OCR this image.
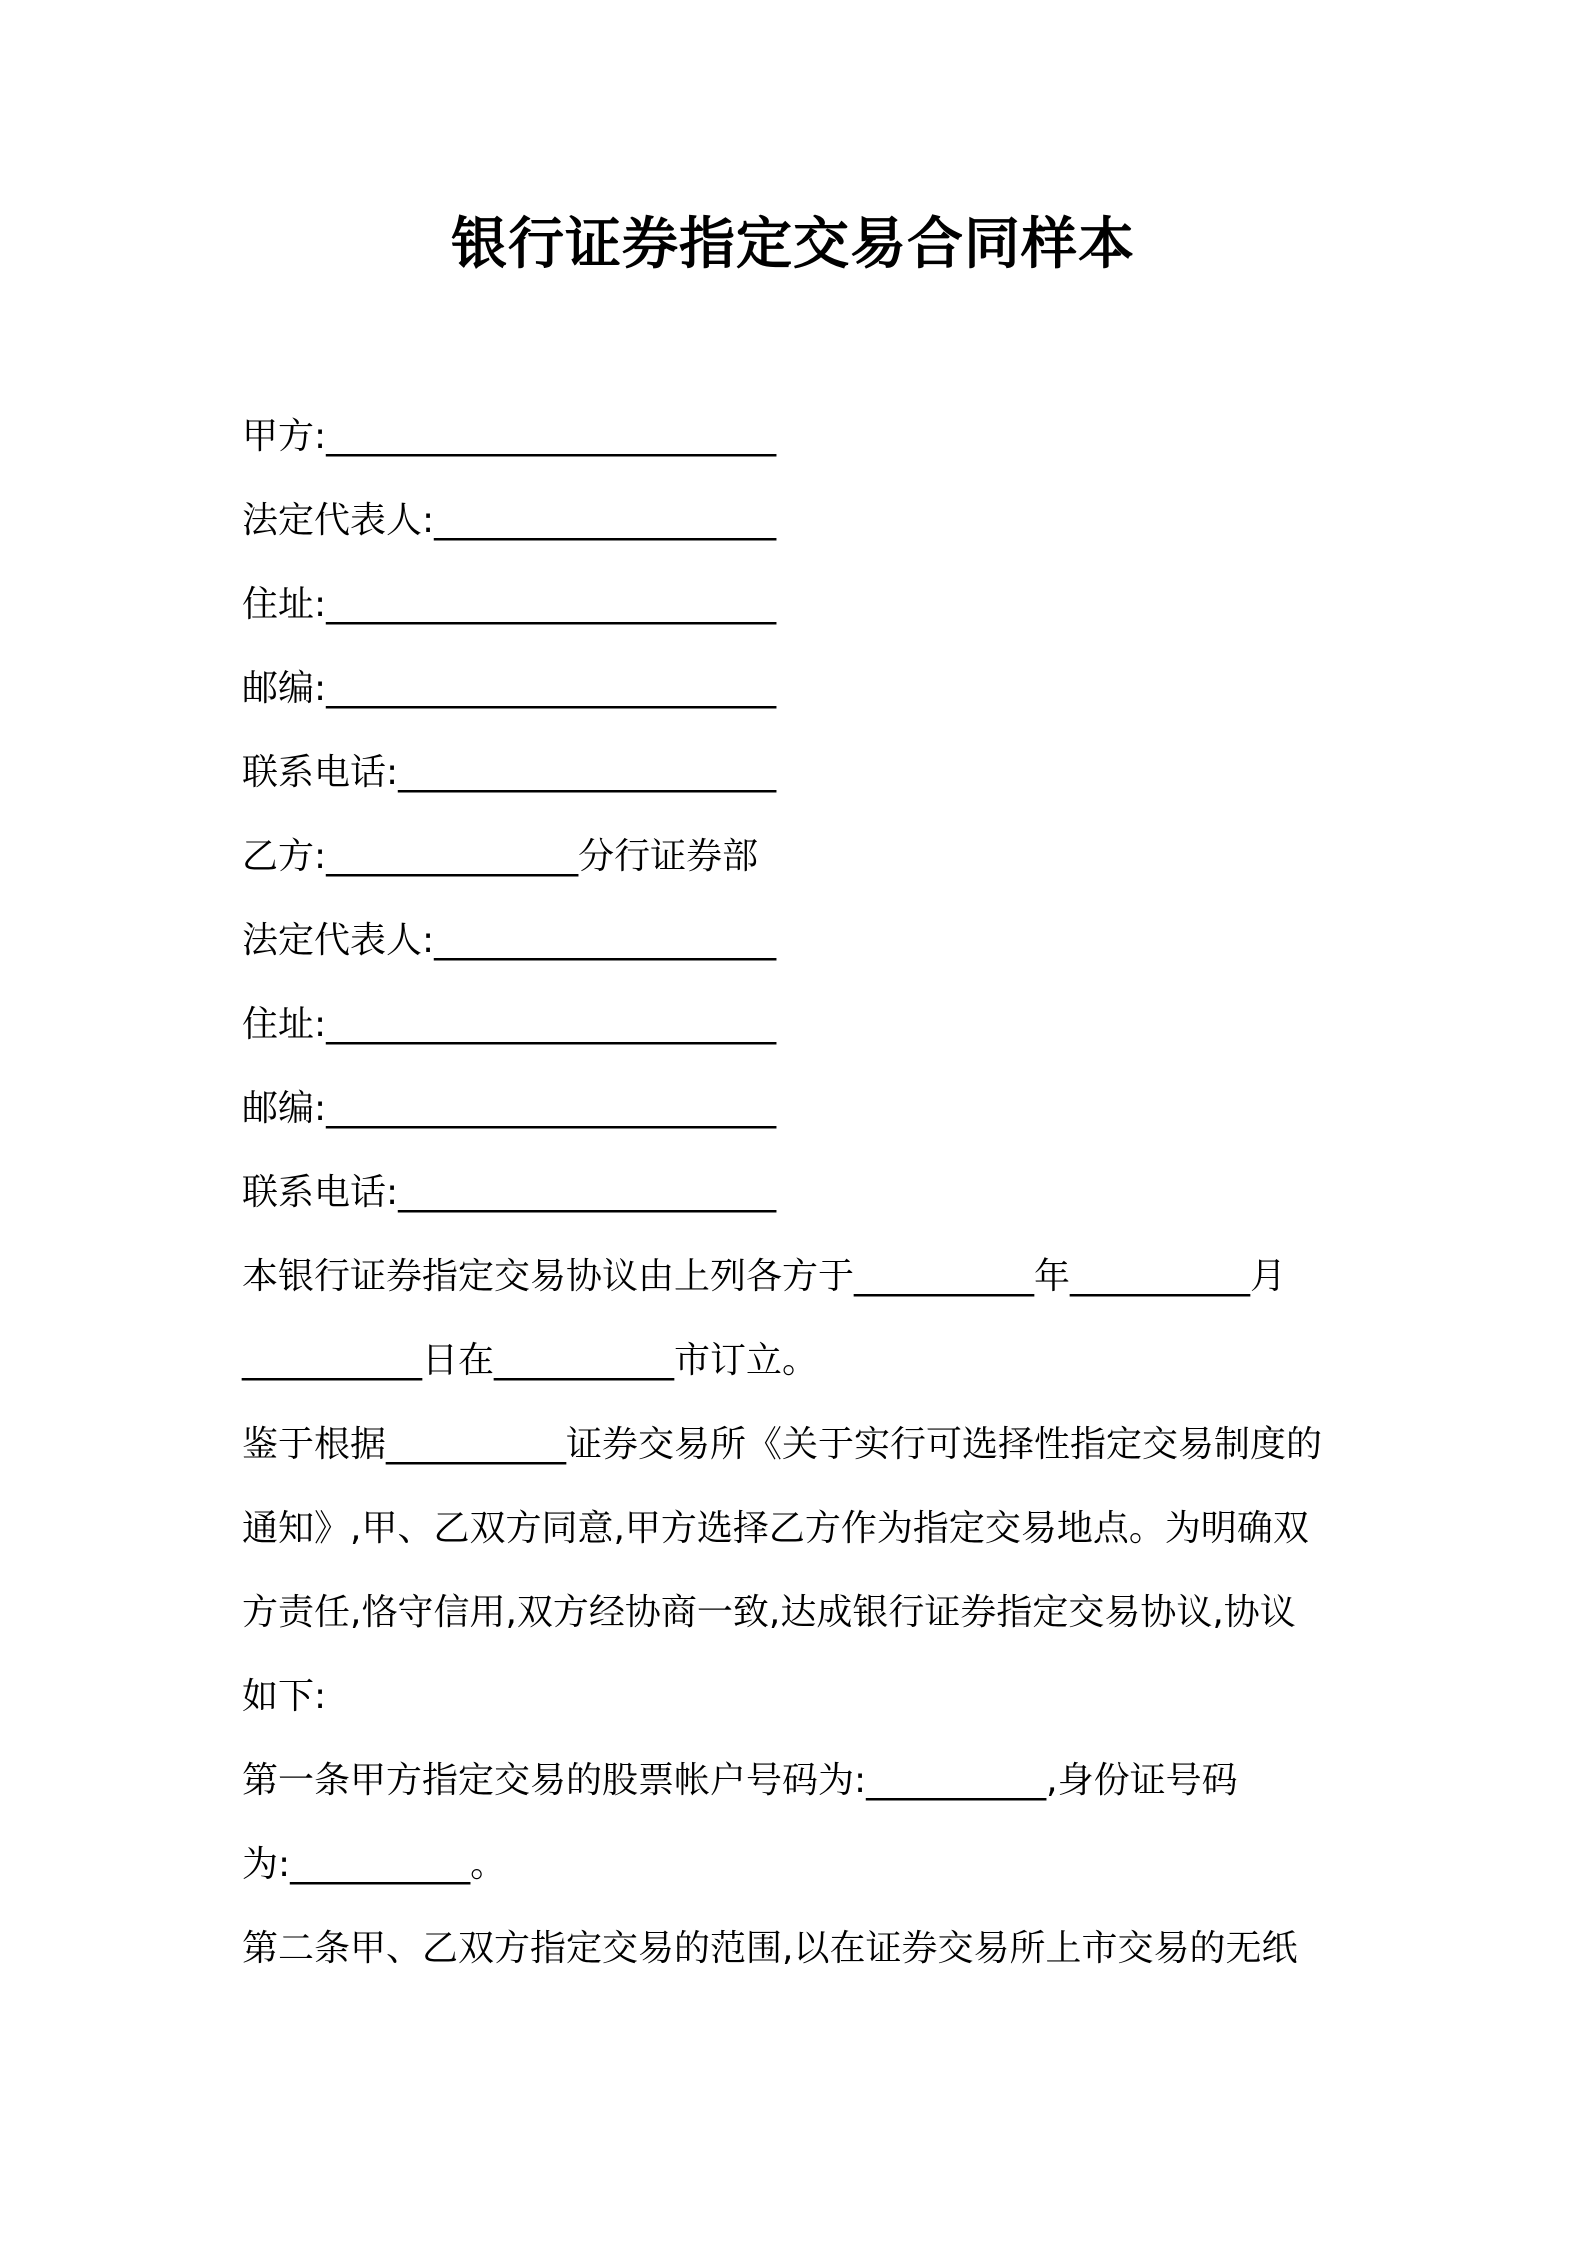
银行证券指定交易合同样本
甲方:_________________________
法定代表人:___________________
住址:_________________________
邮编:_________________________
联系电话:_____________________
乙方:______________分行证券部
法定代表人:___________________
住址:_________________________
邮编:_________________________
联系电话:_____________________
本银行证券指定交易协议由上列各方于__________年__________月
__________日在__________市订立。
鉴于根据__________证券交易所《关于实行可选择性指定交易制度的
通知》,甲、乙双方同意,甲方选择乙方作为指定交易地点。为明确双
方责任,恪守信用,双方经协商一致,达成银行证券指定交易协议,协议
如下:
第一条甲方指定交易的股票帐户号码为:__________,身份证号码
为:__________。
第二条甲、乙双方指定交易的范围,以在证券交易所上市交易的无纸
